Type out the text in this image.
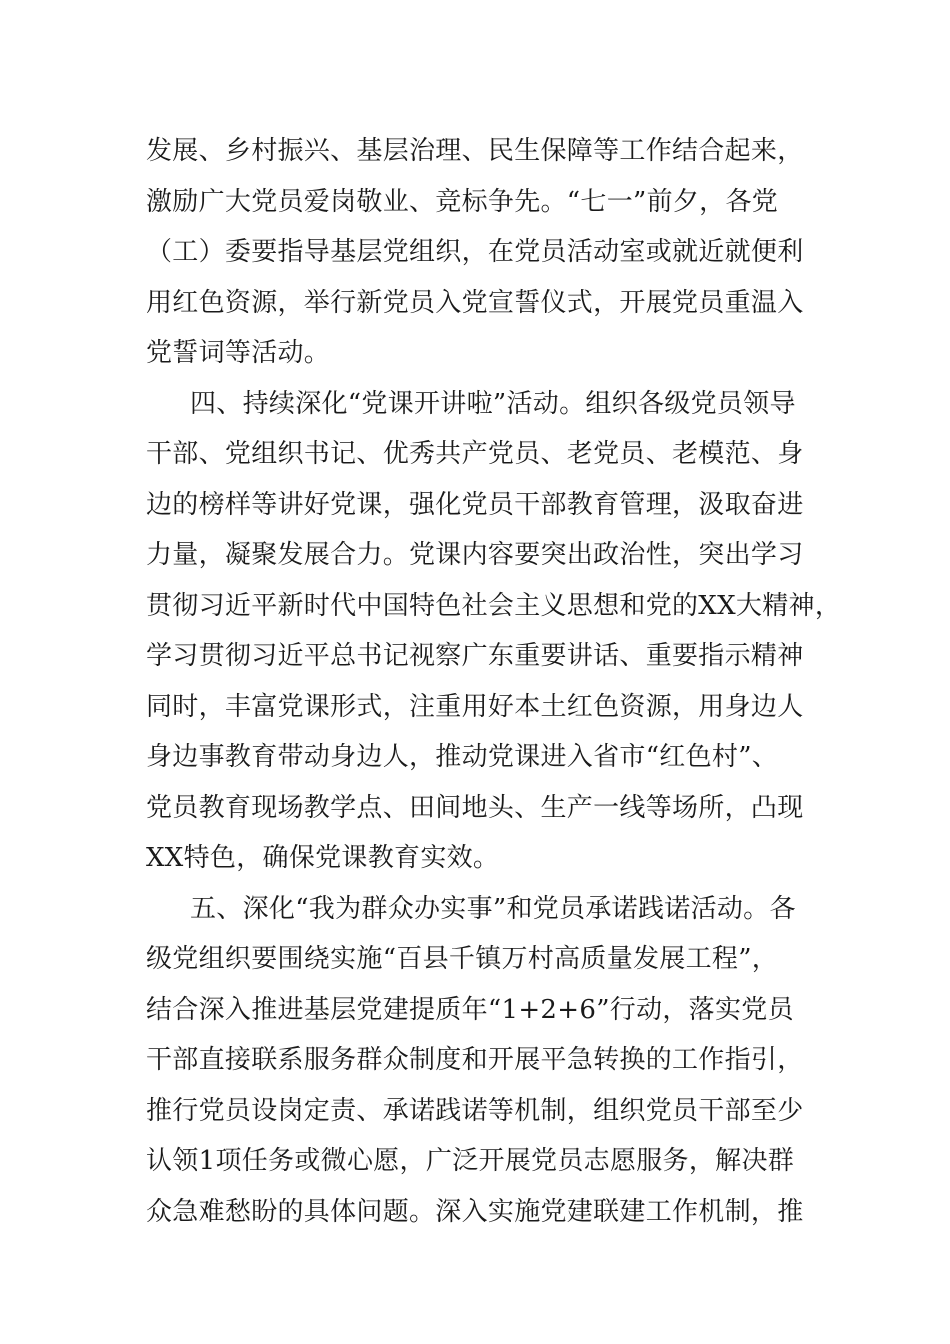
发展、乡村振兴、基层治理、民生保障等工作结合起来，
激励广大党员爱岗敬业、竞标争先。“七一”前夕，各党
（工）委要指导基层党组织，在党员活动室或就近就便利
用红色资源，举行新党员入党宣誓仪式，开展党员重温入
党誓词等活动。
四、持续深化“党课开讲啦”活动。组织各级党员领导
干部、党组织书记、优秀共产党员、老党员、老模范、身
边的榜样等讲好党课，强化党员干部教育管理，汲取奋进
力量，凝聚发展合力。党课内容要突出政治性，突出学习
贯彻习近平新时代中国特色社会主义思想和党的XX大精神，
学习贯彻习近平总书记视察广东重要讲话、重要指示精神
同时，丰富党课形式，注重用好本土红色资源，用身边人
身边事教育带动身边人，推动党课进入省市“红色村”、
党员教育现场教学点、田间地头、生产一线等场所，凸现
XX特色，确保党课教育实效。
五、深化“我为群众办实事”和党员承诺践诺活动。各
级党组织要围绕实施“百县千镇万村高质量发展工程”，
结合深入推进基层党建提质年“1+2+6”行动，落实党员
干部直接联系服务群众制度和开展平急转换的工作指引，
推行党员设岗定责、承诺践诺等机制，组织党员干部至少
认领1项任务或微心愿，广泛开展党员志愿服务，解决群
众急难愁盼的具体问题。深入实施党建联建工作机制，推
